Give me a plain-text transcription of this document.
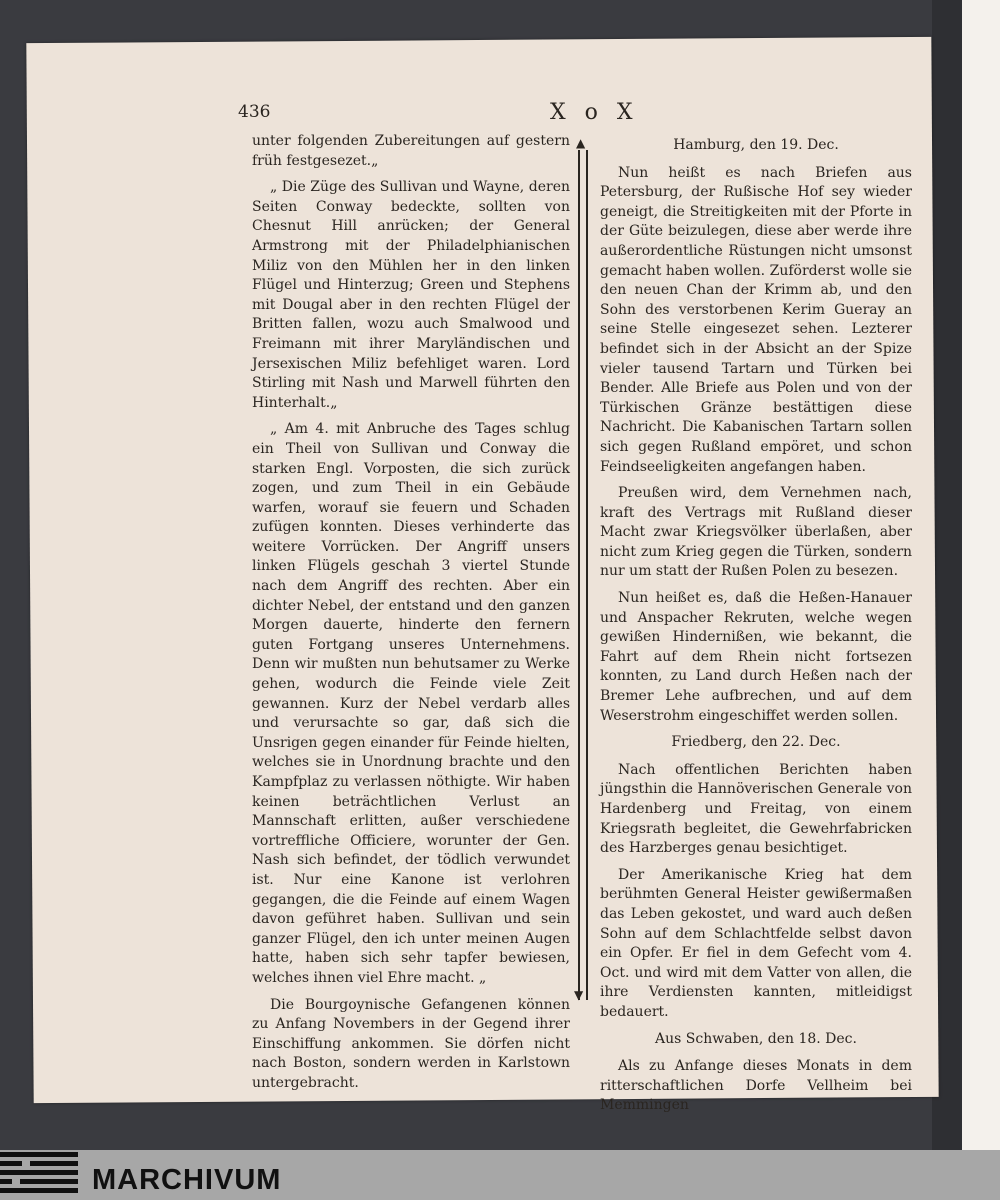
436	X o X

unter folgenden Zubereitungen auf gestern früh festgesezet.„

„ Die Züge des Sullivan und Wayne, deren Seiten Conway bedeckte, sollten von Chesnut Hill anrücken; der General Armstrong mit der Philadelphianischen Miliz von den Mühlen her in den linken Flügel und Hinterzug; Green und Stephens mit Dougal aber in den rechten Flügel der Britten fallen, wozu auch Smalwood und Freimann mit ihrer Maryländischen und Jersexischen Miliz befehliget waren. Lord Stirling mit Nash und Marwell führten den Hinterhalt.„

„ Am 4. mit Anbruche des Tages schlug ein Theil von Sullivan und Conway die starken Engl. Vorposten, die sich zurück zogen, und zum Theil in ein Gebäude warfen, worauf sie feuern und Schaden zufügen konnten. Dieses verhinderte das weitere Vorrücken. Der Angriff unsers linken Flügels geschah 3 viertel Stunde nach dem Angriff des rechten. Aber ein dichter Nebel, der entstand und den ganzen Morgen dauerte, hinderte den fernern guten Fortgang unseres Unternehmens. Denn wir mußten nun behutsamer zu Werke gehen, wodurch die Feinde viele Zeit gewannen. Kurz der Nebel verdarb alles und verursachte so gar, daß sich die Unsrigen gegen einander für Feinde hielten, welches sie in Unordnung brachte und den Kampfplaz zu verlassen nöthigte. Wir haben keinen beträchtlichen Verlust an Mannschaft erlitten, außer verschiedene vortreffliche Officiere, worunter der Gen. Nash sich befindet, der tödlich verwundet ist. Nur eine Kanone ist verlohren gegangen, die die Feinde auf einem Wagen davon geführet haben. Sullivan und sein ganzer Flügel, den ich unter meinen Augen hatte, haben sich sehr tapfer bewiesen, welches ihnen viel Ehre macht. „

Die Bourgoynische Gefangenen können zu Anfang Novembers in der Gegend ihrer Einschiffung ankommen. Sie dörfen nicht nach Boston, sondern werden in Karlstown untergebracht.

▲
▼
Hamburg, den 19. Dec.

Nun heißt es nach Briefen aus Petersburg, der Rußische Hof sey wieder geneigt, die Streitigkeiten mit der Pforte in der Güte beizulegen, diese aber werde ihre außerordentliche Rüstungen nicht umsonst gemacht haben wollen. Zuförderst wolle sie den neuen Chan der Krimm ab, und den Sohn des verstorbenen Kerim Gueray an seine Stelle eingesezet sehen. Lezterer befindet sich in der Absicht an der Spize vieler tausend Tartarn und Türken bei Bender. Alle Briefe aus Polen und von der Türkischen Gränze bestättigen diese Nachricht. Die Kabanischen Tartarn sollen sich gegen Rußland empöret, und schon Feindseeligkeiten angefangen haben.

Preußen wird, dem Vernehmen nach, kraft des Vertrags mit Rußland dieser Macht zwar Kriegsvölker überlaßen, aber nicht zum Krieg gegen die Türken, sondern nur um statt der Rußen Polen zu besezen.

Nun heißet es, daß die Heßen-Hanauer und Anspacher Rekruten, welche wegen gewißen Hindernißen, wie bekannt, die Fahrt auf dem Rhein nicht fortsezen konnten, zu Land durch Heßen nach der Bremer Lehe aufbrechen, und auf dem Weserstrohm eingeschiffet werden sollen.

Friedberg, den 22. Dec.

Nach offentlichen Berichten haben jüngsthin die Hannöverischen Generale von Hardenberg und Freitag, von einem Kriegsrath begleitet, die Gewehrfabricken des Harzberges genau besichtiget.

Der Amerikanische Krieg hat dem berühmten General Heister gewißermaßen das Leben gekostet, und ward auch deßen Sohn auf dem Schlachtfelde selbst davon ein Opfer. Er fiel in dem Gefecht vom 4. Oct. und wird mit dem Vatter von allen, die ihre Verdiensten kannten, mitleidigst bedauert.

Aus Schwaben, den 18. Dec.

Als zu Anfange dieses Monats in dem ritterschaftlichen Dorfe Vellheim bei Memmingen

MARCHIVUM
